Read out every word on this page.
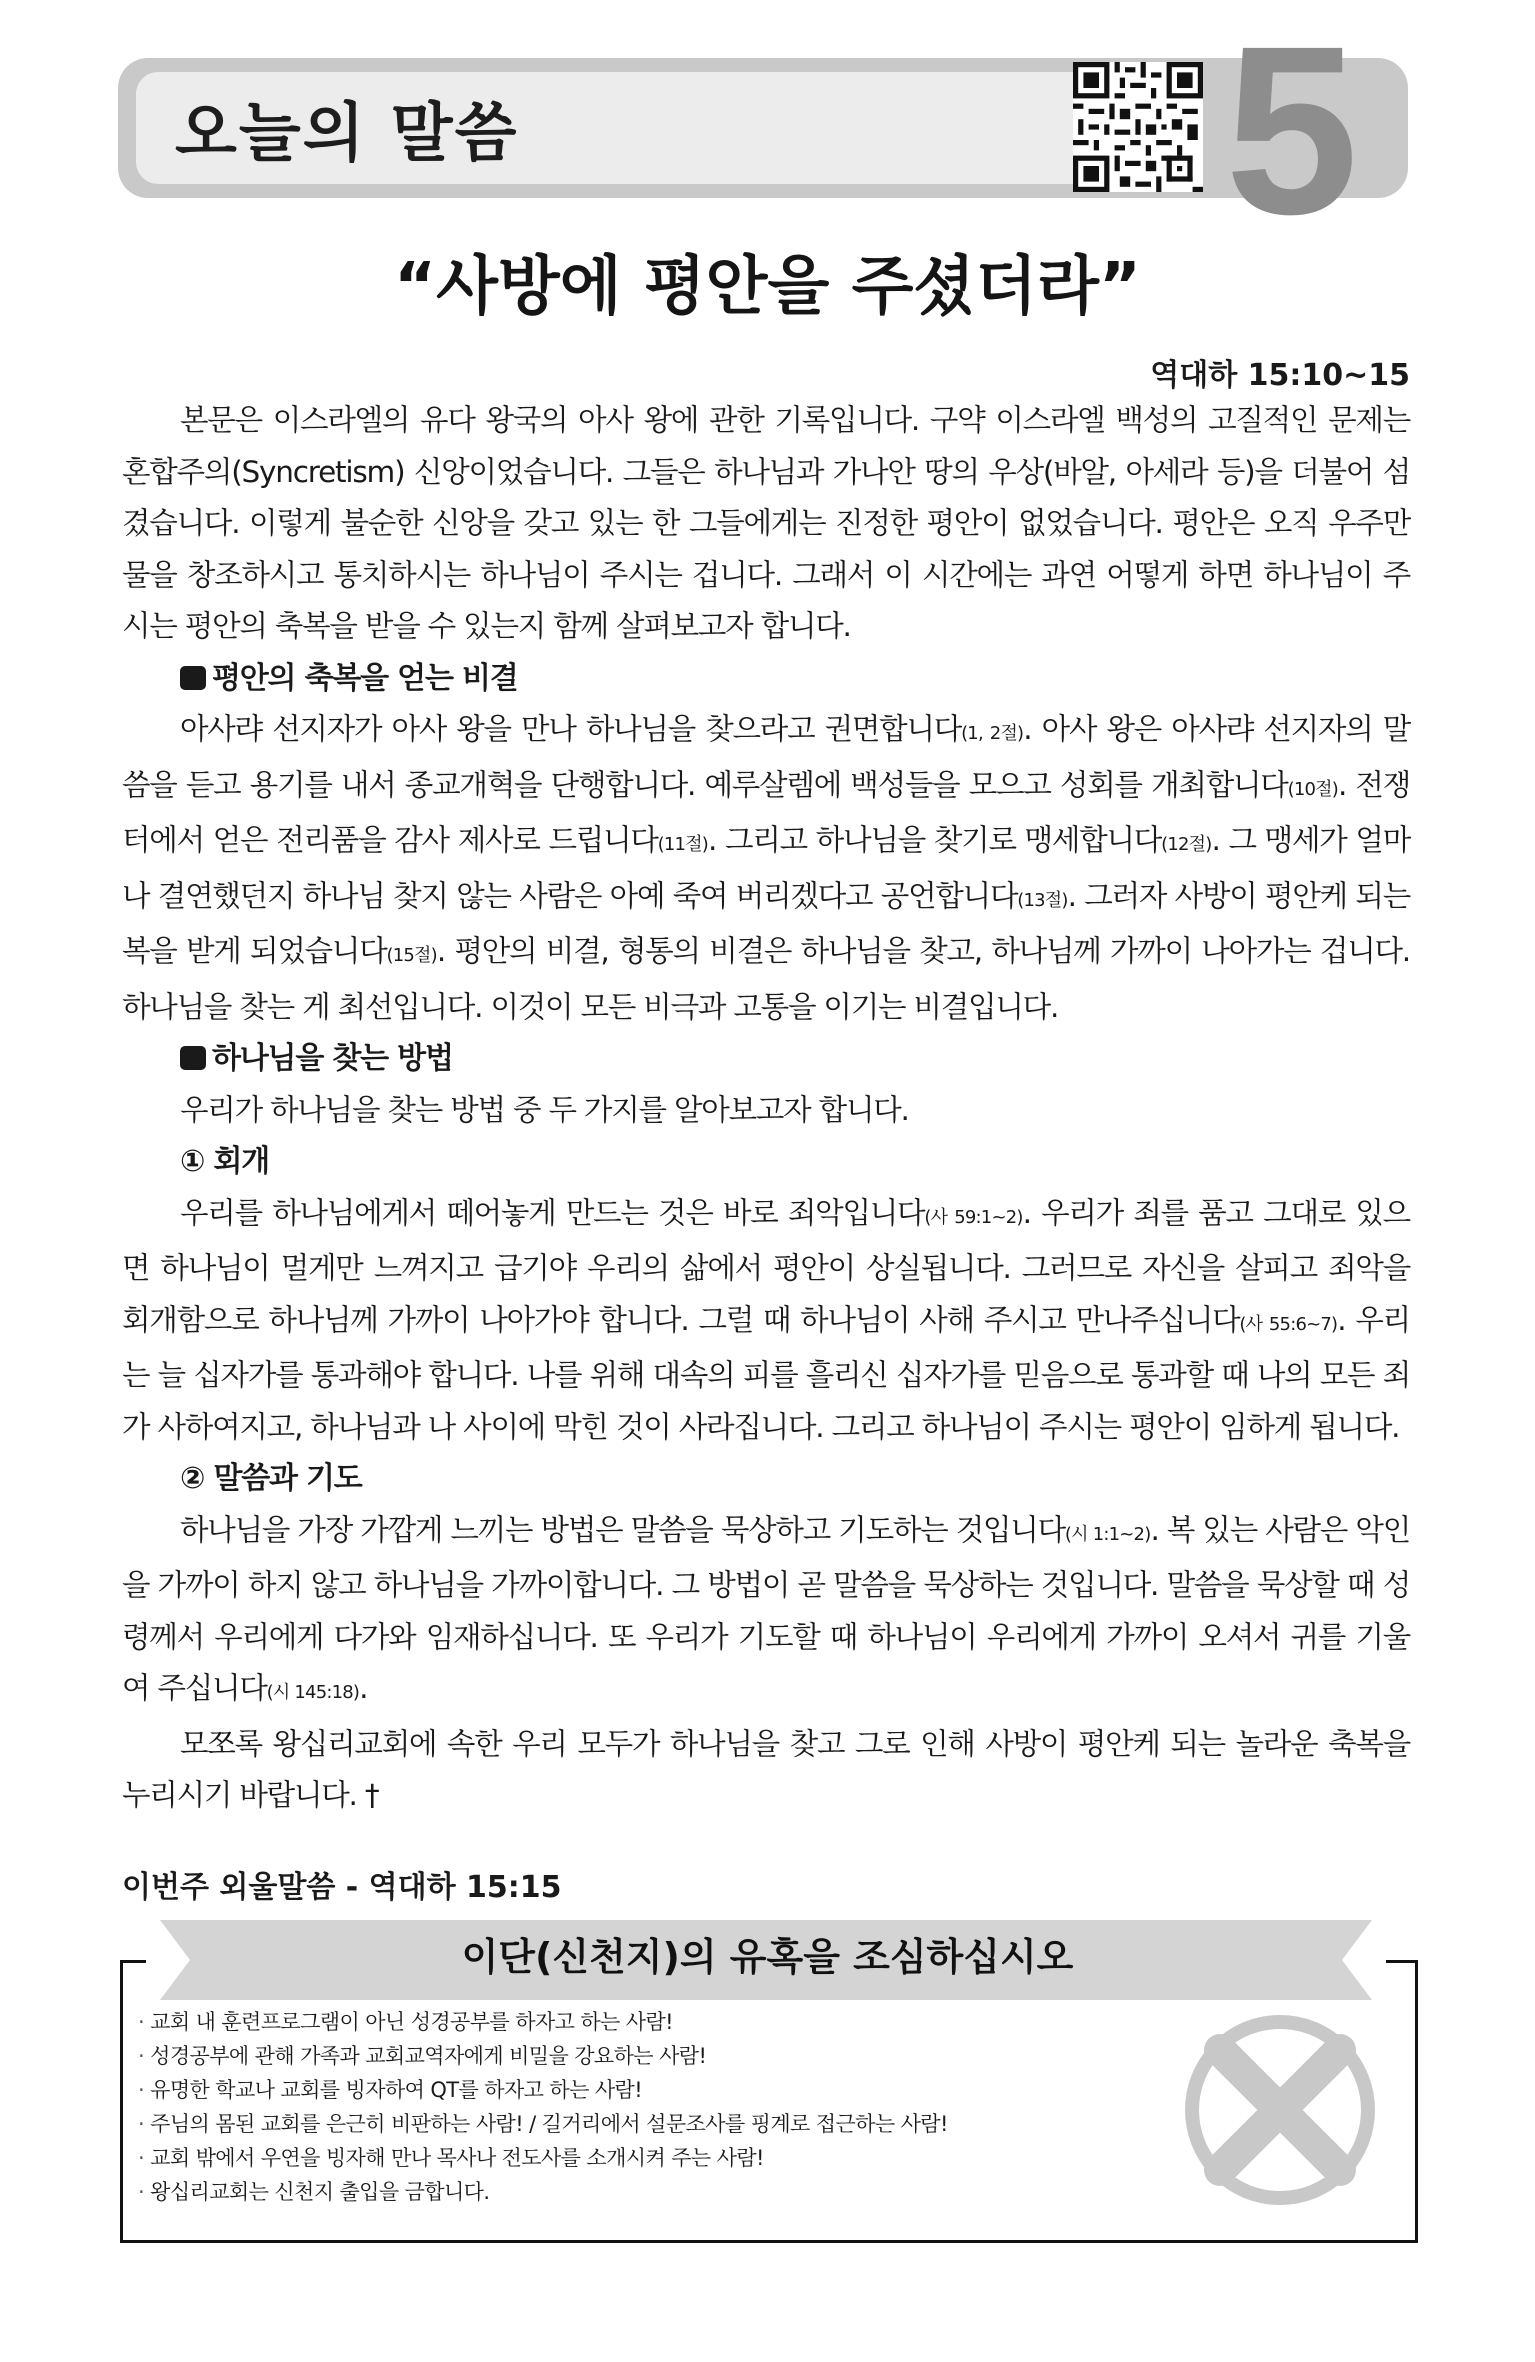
오늘의 말씀	5
“사방에 평안을 주셨더라”
역대하 15:10~15

본문은 이스라엘의 유다 왕국의 아사 왕에 관한 기록입니다. 구약 이스라엘 백성의 고질적인 문제는 혼합주의(Syncretism) 신앙이었습니다. 그들은 하나님과 가나안 땅의 우상(바알, 아세라 등)을 더불어 섬겼습니다. 이렇게 불순한 신앙을 갖고 있는 한 그들에게는 진정한 평안이 없었습니다. 평안은 오직 우주만물을 창조하시고 통치하시는 하나님이 주시는 겁니다. 그래서 이 시간에는 과연 어떻게 하면 하나님이 주시는 평안의 축복을 받을 수 있는지 함께 살펴보고자 합니다.

평안의 축복을 얻는 비결

아사랴 선지자가 아사 왕을 만나 하나님을 찾으라고 권면합니다(1, 2절). 아사 왕은 아사랴 선지자의 말씀을 듣고 용기를 내서 종교개혁을 단행합니다. 예루살렘에 백성들을 모으고 성회를 개최합니다(10절). 전쟁터에서 얻은 전리품을 감사 제사로 드립니다(11절). 그리고 하나님을 찾기로 맹세합니다(12절). 그 맹세가 얼마나 결연했던지 하나님 찾지 않는 사람은 아예 죽여 버리겠다고 공언합니다(13절). 그러자 사방이 평안케 되는 복을 받게 되었습니다(15절). 평안의 비결, 형통의 비결은 하나님을 찾고, 하나님께 가까이 나아가는 겁니다. 하나님을 찾는 게 최선입니다. 이것이 모든 비극과 고통을 이기는 비결입니다.

하나님을 찾는 방법

우리가 하나님을 찾는 방법 중 두 가지를 알아보고자 합니다.

① 회개

우리를 하나님에게서 떼어놓게 만드는 것은 바로 죄악입니다(사 59:1~2). 우리가 죄를 품고 그대로 있으면 하나님이 멀게만 느껴지고 급기야 우리의 삶에서 평안이 상실됩니다. 그러므로 자신을 살피고 죄악을 회개함으로 하나님께 가까이 나아가야 합니다. 그럴 때 하나님이 사해 주시고 만나주십니다(사 55:6~7). 우리는 늘 십자가를 통과해야 합니다. 나를 위해 대속의 피를 흘리신 십자가를 믿음으로 통과할 때 나의 모든 죄가 사하여지고, 하나님과 나 사이에 막힌 것이 사라집니다. 그리고 하나님이 주시는 평안이 임하게 됩니다.

② 말씀과 기도

하나님을 가장 가깝게 느끼는 방법은 말씀을 묵상하고 기도하는 것입니다(시 1:1~2). 복 있는 사람은 악인을 가까이 하지 않고 하나님을 가까이합니다. 그 방법이 곧 말씀을 묵상하는 것입니다. 말씀을 묵상할 때 성령께서 우리에게 다가와 임재하십니다. 또 우리가 기도할 때 하나님이 우리에게 가까이 오셔서 귀를 기울여 주십니다(시 145:18).

모쪼록 왕십리교회에 속한 우리 모두가 하나님을 찾고 그로 인해 사방이 평안케 되는 놀라운 축복을 누리시기 바랍니다. †

이번주 외울말씀 - 역대하 15:15
이단(신천지)의 유혹을 조심하십시오
· 교회 내 훈련프로그램이 아닌 성경공부를 하자고 하는 사람!
· 성경공부에 관해 가족과 교회교역자에게 비밀을 강요하는 사람!
· 유명한 학교나 교회를 빙자하여 QT를 하자고 하는 사람!
· 주님의 몸된 교회를 은근히 비판하는 사람! / 길거리에서 설문조사를 핑계로 접근하는 사람!
· 교회 밖에서 우연을 빙자해 만나 목사나 전도사를 소개시켜 주는 사람!
· 왕십리교회는 신천지 출입을 금합니다.
